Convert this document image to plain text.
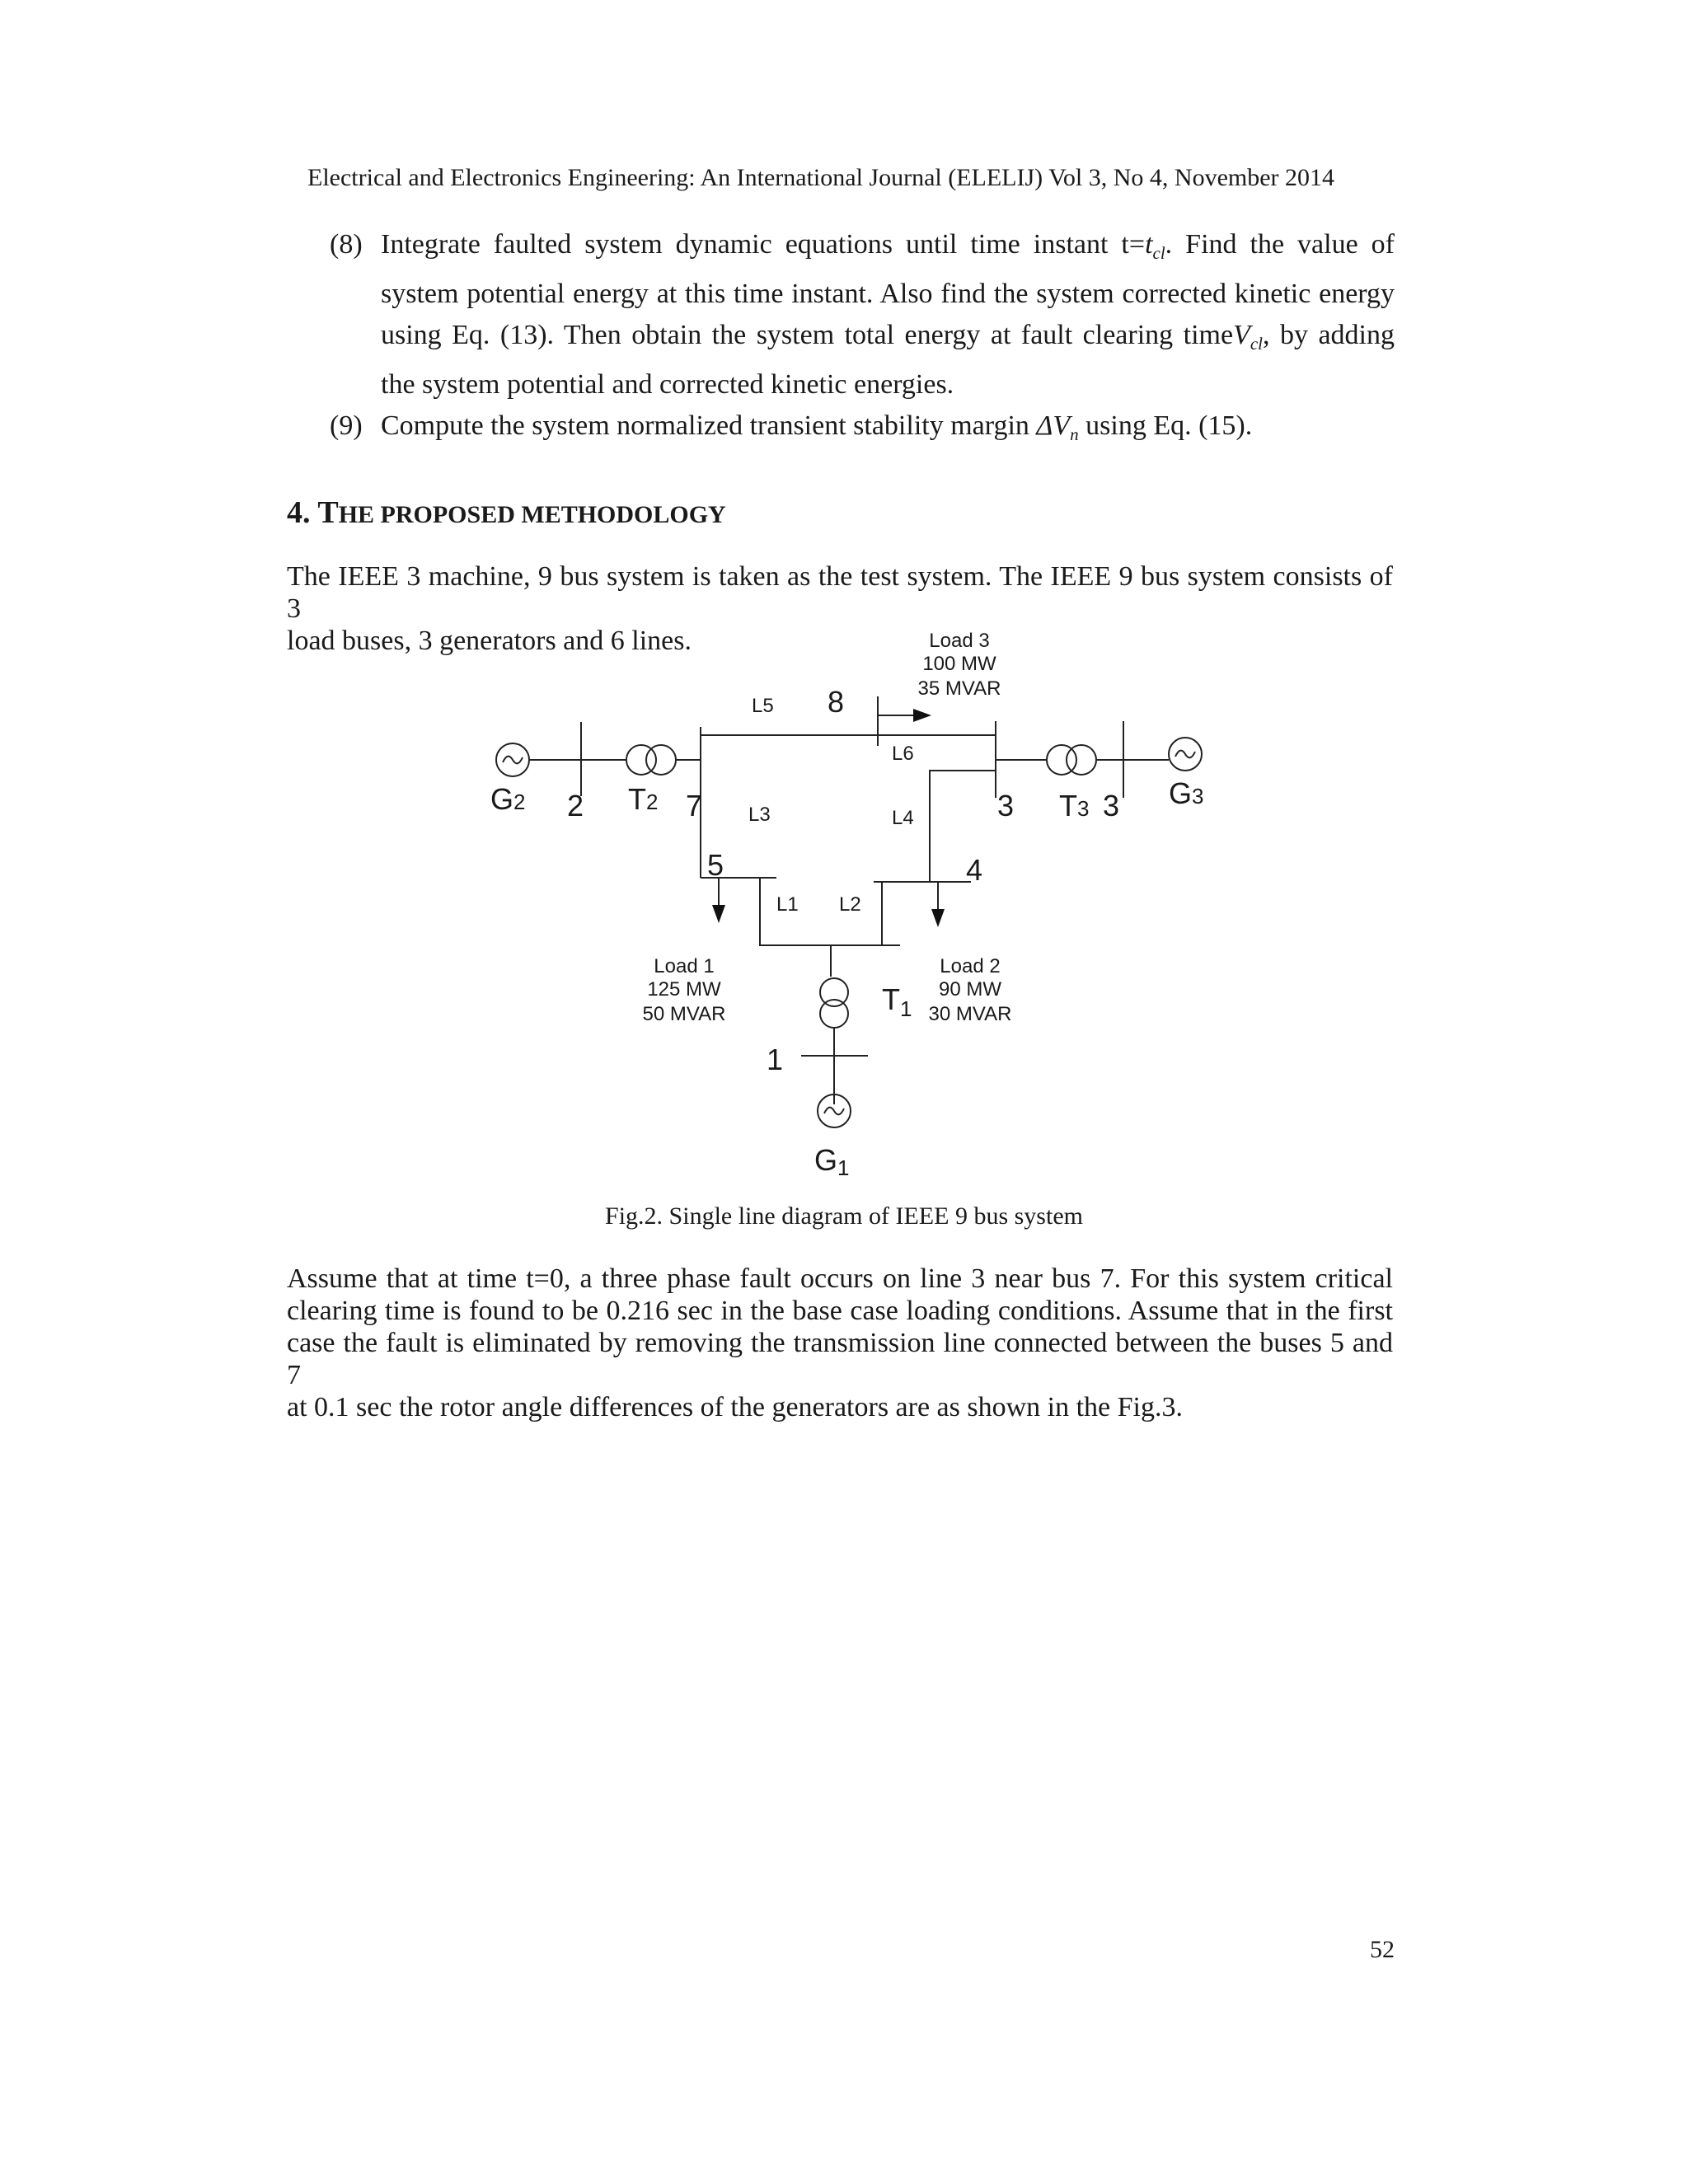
Electrical and Electronics Engineering: An International Journal (ELELIJ) Vol 3, No 4, November 2014
(8) Integrate faulted system dynamic equations until time instant $t=t_{cl}$. Find the value of
system potential energy at this time instant. Also find the system corrected kinetic energy
using Eq. (13). Then obtain the system total energy at fault clearing timeV$_{cl}$, by adding
the system potential and corrected kinetic energies.
(9) Compute the system normalized transient stability margin $\Delta V_n$ using Eq. (15).
4. THE PROPOSED METHODOLOGY
The IEEE 3 machine, 9 bus system is taken as the test system. The IEEE 9 bus system consists of 3
load buses, 3 generators and 6 lines.
G2 2 T2 7 L3
L5 8
L6
L4	3 T3 3 G3
5	4
L1 L2
$T_1$
1
G1
Load 1
125 MW
50 MVAR
Load 2
90 MW
30 MVAR
Load 3
100 MW
35 MVAR
Fig.2. Single line diagram of IEEE 9 bus system
Assume that at time t=0, a three phase fault occurs on line 3 near bus 7. For this system critical
clearing time is found to be 0.216 sec in the base case loading conditions. Assume that in the first
case the fault is eliminated by removing the transmission line connected between the buses 5 and 7
at 0.1 sec the rotor angle differences of the generators are as shown in the Fig.3.
52
